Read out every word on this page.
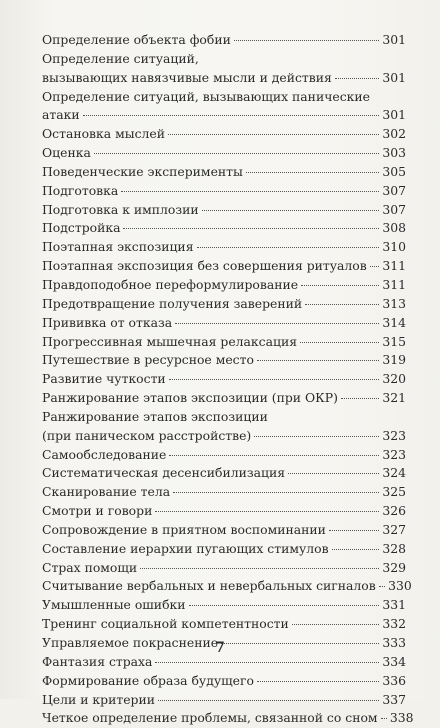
Определение объекта фобии	301
Определение ситуаций,
вызывающих навязчивые мысли и действия	301
Определение ситуаций, вызывающих панические
атаки	301
Остановка мыслей	302
Оценка	303
Поведенческие эксперименты	305
Подготовка	307
Подготовка к имплозии	307
Подстройка	308
Поэтапная экспозиция	310
Поэтапная экспозиция без совершения ритуалов 311
Правдоподобное переформулирование	311
Предотвращение получения заверений	313
Прививка от отказа	314
Прогрессивная мышечная релаксация	315
Путешествие в ресурсное место	319
Развитие чуткости	320
Ранжирование этапов экспозиции (при ОКР)	321
Ранжирование этапов экспозиции
(при паническом расстройстве)	323
Самообследование	323
Систематическая десенсибилизация	324
Сканирование тела	325
Смотри и говори	326
Сопровождение в приятном воспоминании	327
Составление иерархии пугающих стимулов	328
Страх помощи	329
Считывание вербальных и невербальных сигналов 330
Умышленные ошибки	331
Тренинг социальной компетентности	332
Управляемое покраснение	333
Фантазия страха	334
Формирование образа будущего	336
Цели и критерии	337
Четкое определение проблемы, связанной со сном 338
7
